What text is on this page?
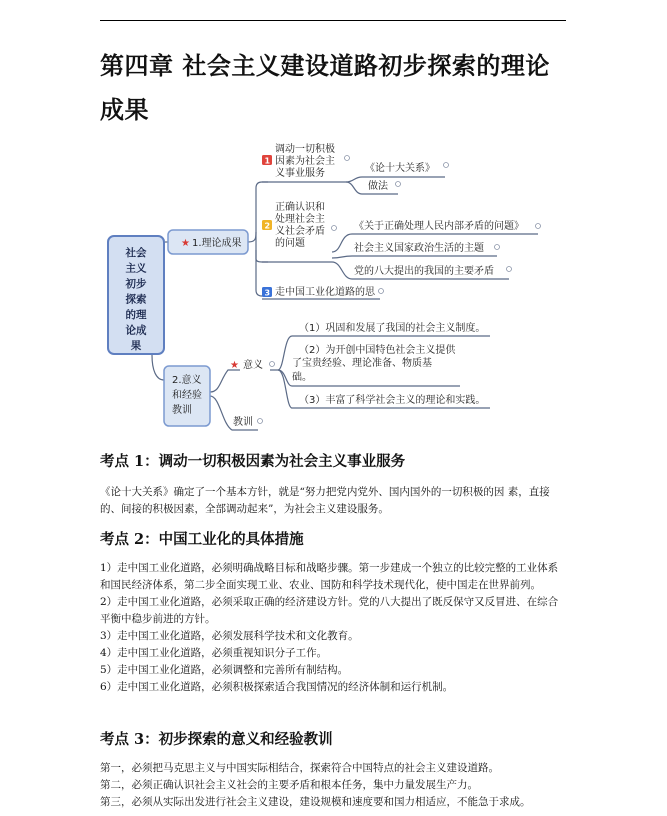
第四章 社会主义建设道路初步探索的理论成果
社会
主义
初步
探索
的理
论成
果
★ 1.理论成果
1
调动一切积极
因素为社会主
义事业服务	《论十大关系》
做法
2
正确认识和
处理社会主
义社会矛盾
的问题
《关于正确处理人民内部矛盾的问题》
社会主义国家政治生活的主题
党的八大提出的我国的主要矛盾
3 走中国工业化道路的思
2.意义
和经验
教训
★ 意义
（1）巩固和发展了我国的社会主义制度。
（2）为开创中国特色社会主义提供
了宝贵经验、理论准备、物质基
础。
（3）丰富了科学社会主义的理论和实践。
教训
考点 1：调动一切积极因素为社会主义事业服务

《论十大关系》确定了一个基本方针，就是“努力把党内党外、国内国外的一切积极的因 素，直接的、间接的积极因素，全部调动起来”，为社会主义建设服务。

考点 2：中国工业化的具体措施

1）走中国工业化道路，必须明确战略目标和战略步骤。第一步建成一个独立的比较完整的工业体系和国民经济体系，第二步全面实现工业、农业、国防和科学技术现代化，使中国走在世界前列。

2）走中国工业化道路，必须采取正确的经济建设方针。党的八大提出了既反保守又反冒进、在综合平衡中稳步前进的方针。

3）走中国工业化道路，必须发展科学技术和文化教育。

4）走中国工业化道路，必须重视知识分子工作。

5）走中国工业化道路，必须调整和完善所有制结构。

6）走中国工业化道路，必须积极探索适合我国情况的经济体制和运行机制。

考点 3：初步探索的意义和经验教训

第一，必须把马克思主义与中国实际相结合，探索符合中国特点的社会主义建设道路。

第二，必须正确认识社会主义社会的主要矛盾和根本任务，集中力量发展生产力。

第三，必须从实际出发进行社会主义建设，建设规模和速度要和国力相适应，不能急于求成。
